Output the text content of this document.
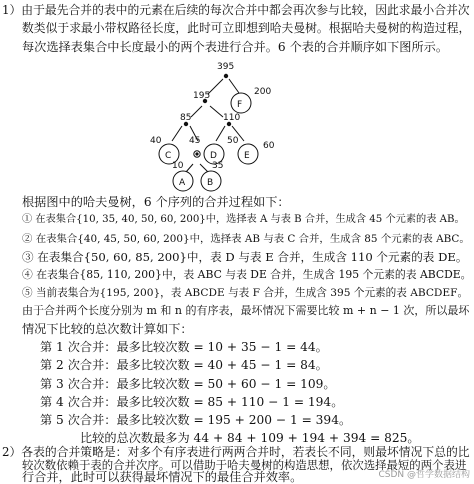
1）由于最先合并的表中的元素在后续的每次合并中都会再次参与比较，因此求最小合并次
数类似于求最小带权路径长度，此时可立即想到哈夫曼树。根据哈夫曼树的构造过程，
每次选择表集合中长度最小的两个表进行合并。6 个表的合并顺序如下图所示。
395
195
F
85	110
C
45
D	E
60
A B
40	50
200
10	35
根据图中的哈夫曼树，6 个序列的合并过程如下：
① 在表集合{10, 35, 40, 50, 60, 200}中，选择表 A 与表 B 合并，生成含 45 个元素的表 AB。
② 在表集合{40, 45, 50, 60, 200}中，选择表 AB 与表 C 合并，生成含 85 个元素的表 ABC。
③ 在表集合{50, 60, 85, 200}中，表 D 与表 E 合并，生成含 110 个元素的表 DE。
④ 在表集合{85, 110, 200}中，表 ABC 与表 DE 合并，生成含 195 个元素的表 ABCDE。
⑤ 当前表集合为{195, 200}，表 ABCDE 与表 F 合并，生成含 395 个元素的表 ABCDEF。
由于合并两个长度分别为 m 和 n 的有序表，最坏情况下需要比较 m + n − 1 次，所以最坏
情况下比较的总次数计算如下：
第 1 次合并：最多比较次数 = 10 + 35 − 1 = 44。
第 2 次合并：最多比较次数 = 40 + 45 − 1 = 84。
第 3 次合并：最多比较次数 = 50 + 60 − 1 = 109。
第 4 次合并：最多比较次数 = 85 + 110 − 1 = 194。
第 5 次合并：最多比较次数 = 195 + 200 − 1 = 394。
比较的总次数最多为 44 + 84 + 109 + 194 + 394 = 825。
2）各表的合并策略是：对多个有序表进行两两合并时，若表长不同，则最坏情况下总的比
较次数依赖于表的合并次序。可以借助于哈夫曼树的构造思想，依次选择最短的两个表进
行合并，此时可以获得最坏情况下的最佳合并效率。	CSDN @哲学数据结构
